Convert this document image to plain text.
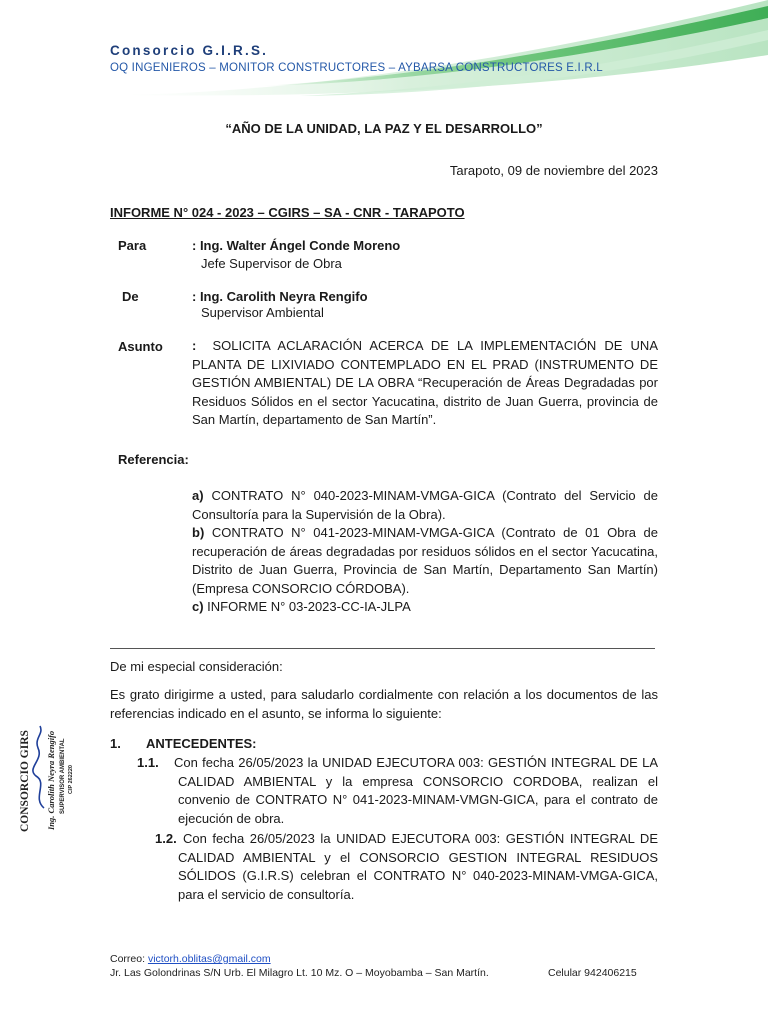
Consorcio G.I.R.S.
OQ INGENIEROS – MONITOR CONSTRUCTORES – AYBARSA CONSTRUCTORES E.I.R.L
“AÑO DE LA UNIDAD, LA PAZ Y EL DESARROLLO”
Tarapoto, 09 de noviembre del 2023
INFORME N° 024 - 2023 – CGIRS – SA - CNR - TARAPOTO
Para	: Ing. Walter Ángel Conde Moreno
Jefe Supervisor de Obra
De	: Ing. Carolith Neyra Rengifo
Supervisor Ambiental
Asunto : SOLICITA ACLARACIÓN ACERCA DE LA IMPLEMENTACIÓN DE UNA PLANTA DE LIXIVIADO CONTEMPLADO EN EL PRAD (INSTRUMENTO DE GESTIÓN AMBIENTAL) DE LA OBRA “Recuperación de Áreas Degradadas por Residuos Sólidos en el sector Yacucatina, distrito de Juan Guerra, provincia de San Martín, departamento de San Martín”.
Referencia:

a) CONTRATO N° 040-2023-MINAM-VMGA-GICA (Contrato del Servicio de Consultoría para la Supervisión de la Obra).

b) CONTRATO N° 041-2023-MINAM-VMGA-GICA (Contrato de 01 Obra de recuperación de áreas degradadas por residuos sólidos en el sector Yacucatina, Distrito de Juan Guerra, Provincia de San Martín, Departamento San Martín) (Empresa CONSORCIO CÓRDOBA).

c) INFORME N° 03-2023-CC-IA-JLPA

De mi especial consideración:
Es grato dirigirme a usted, para saludarlo cordialmente con relación a los documentos de las referencias indicado en el asunto, se informa lo siguiente:
1. ANTECEDENTES:
1.1. Con fecha 26/05/2023 la UNIDAD EJECUTORA 003: GESTIÓN INTEGRAL DE LA CALIDAD AMBIENTAL y la empresa CONSORCIO CORDOBA, realizan el convenio de CONTRATO N° 041-2023-MINAM-VMGN-GICA, para el contrato de ejecución de obra.
1.2. Con fecha 26/05/2023 la UNIDAD EJECUTORA 003: GESTIÓN INTEGRAL DE CALIDAD AMBIENTAL y el CONSORCIO GESTION INTEGRAL RESIDUOS SÓLIDOS (G.I.R.S) celebran el CONTRATO N° 040-2023-MINAM-VMGA-GICA, para el servicio de consultoría.
CONSORCIO GIRS Ing. Carolith Neyra Rengifo SUPERVISOR AMBIENTAL CIP 262220
Correo: victorh.oblitas@gmail.com
Jr. Las Golondrinas S/N Urb. El Milagro Lt. 10 Mz. O – Moyobamba – San Martín.	Celular 942406215
